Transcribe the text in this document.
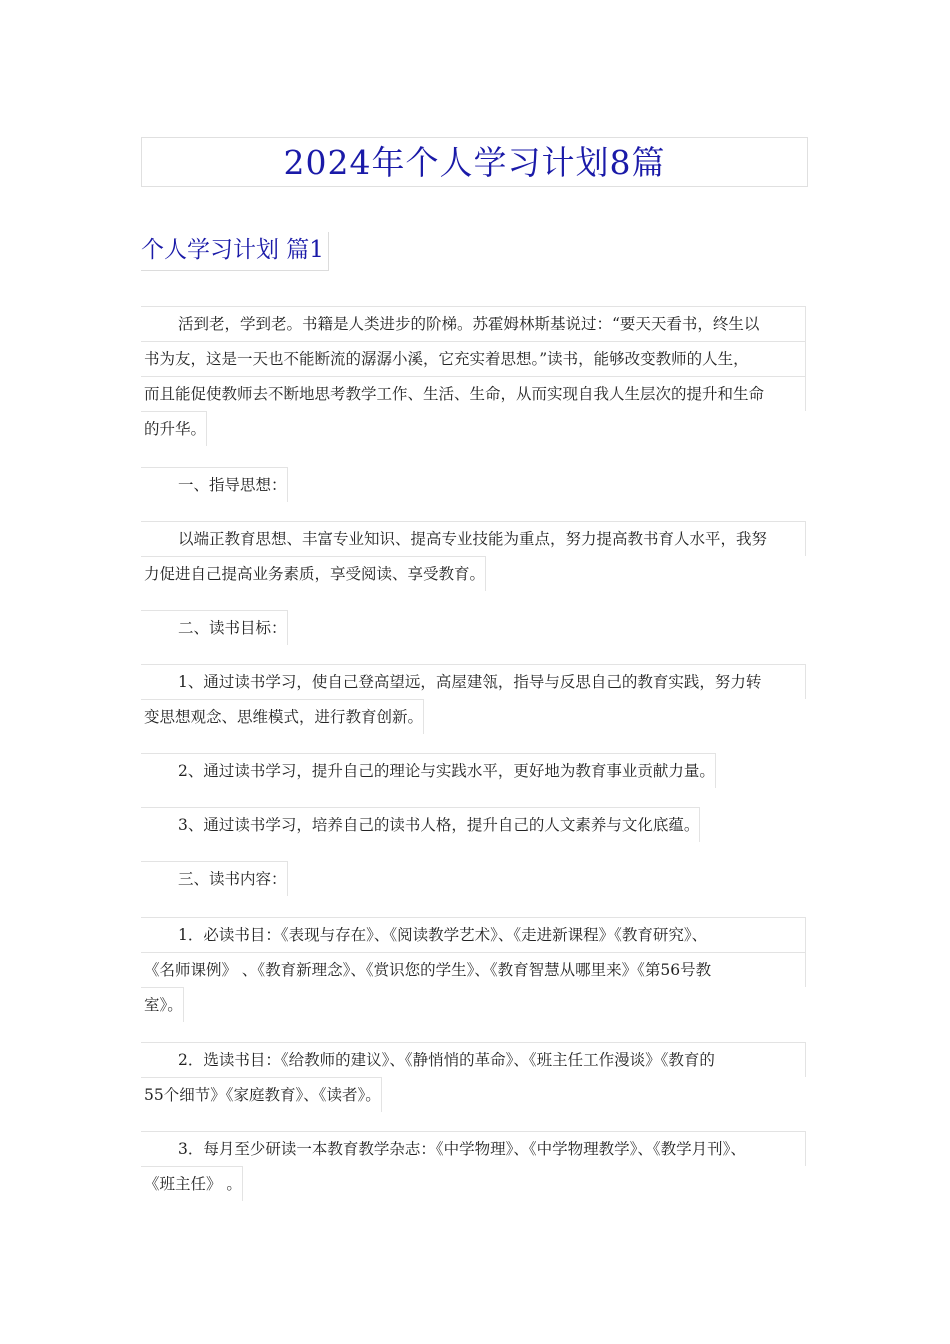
2024年个人学习计划8篇
个人学习计划 篇1
活到老，学到老。书籍是人类进步的阶梯。苏霍姆林斯基说过：“要天天看书，终生以
书为友，这是一天也不能断流的潺潺小溪，它充实着思想。”读书，能够改变教师的人生，
而且能促使教师去不断地思考教学工作、生活、生命，从而实现自我人生层次的提升和生命
的升华。
一、指导思想：
以端正教育思想、丰富专业知识、提高专业技能为重点，努力提高教书育人水平，我努
力促进自己提高业务素质，享受阅读、享受教育。
二、读书目标：
1、通过读书学习，使自己登高望远，高屋建瓴，指导与反思自己的教育实践，努力转
变思想观念、思维模式，进行教育创新。
2、通过读书学习，提升自己的理论与实践水平，更好地为教育事业贡献力量。
3、通过读书学习，培养自己的读书人格，提升自己的人文素养与文化底蕴。
三、读书内容：
1．必读书目：《表现与存在》、《阅读教学艺术》、《走进新课程》《教育研究》、
《名师课例》 、《教育新理念》、《赏识您的学生》、《教育智慧从哪里来》《第56号教
室》。
2．选读书目：《给教师的建议》、《静悄悄的革命》、《班主任工作漫谈》《教育的
55个细节》《家庭教育》、《读者》。
3．每月至少研读一本教育教学杂志：《中学物理》、《中学物理教学》、《教学月刊》、
《班主任》 。
